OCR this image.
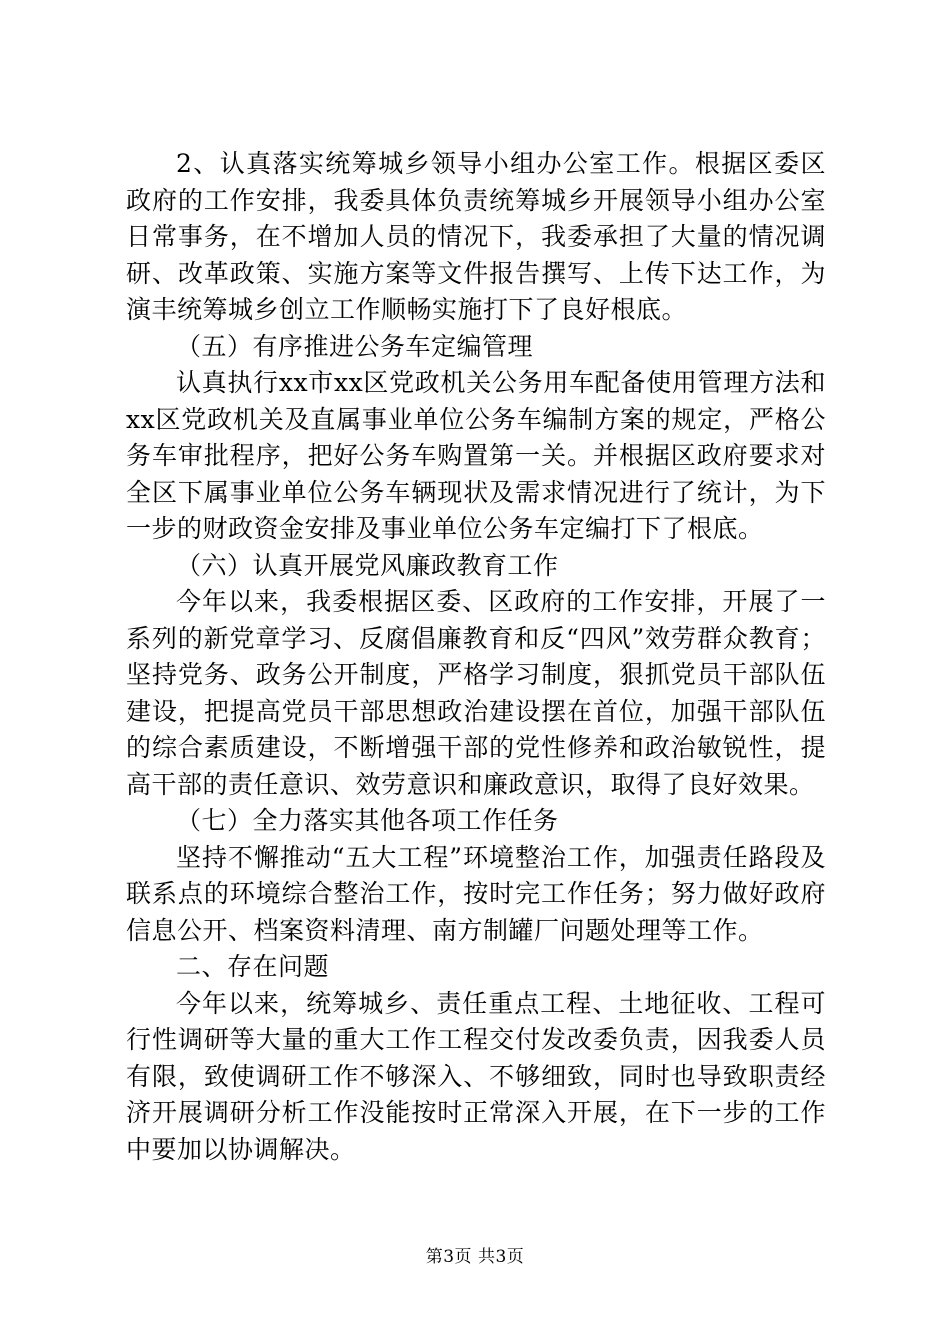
2、认真落实统筹城乡领导小组办公室工作。根据区委区政府的工作安排，我委具体负责统筹城乡开展领导小组办公室日常事务，在不增加人员的情况下，我委承担了大量的情况调研、改革政策、实施方案等文件报告撰写、上传下达工作，为演丰统筹城乡创立工作顺畅实施打下了良好根底。

（五）有序推进公务车定编管理

认真执行xx市xx区党政机关公务用车配备使用管理方法和xx区党政机关及直属事业单位公务车编制方案的规定，严格公务车审批程序，把好公务车购置第一关。并根据区政府要求对全区下属事业单位公务车辆现状及需求情况进行了统计，为下一步的财政资金安排及事业单位公务车定编打下了根底。

（六）认真开展党风廉政教育工作

今年以来，我委根据区委、区政府的工作安排，开展了一系列的新党章学习、反腐倡廉教育和反“四风”效劳群众教育；坚持党务、政务公开制度，严格学习制度，狠抓党员干部队伍建设，把提高党员干部思想政治建设摆在首位，加强干部队伍的综合素质建设，不断增强干部的党性修养和政治敏锐性，提高干部的责任意识、效劳意识和廉政意识，取得了良好效果。

（七）全力落实其他各项工作任务

坚持不懈推动“五大工程”环境整治工作，加强责任路段及联系点的环境综合整治工作，按时完工作任务；努力做好政府信息公开、档案资料清理、南方制罐厂问题处理等工作。

二、存在问题

今年以来，统筹城乡、责任重点工程、土地征收、工程可行性调研等大量的重大工作工程交付发改委负责，因我委人员有限，致使调研工作不够深入、不够细致，同时也导致职责经济开展调研分析工作没能按时正常深入开展，在下一步的工作中要加以协调解决。

第3页 共3页
